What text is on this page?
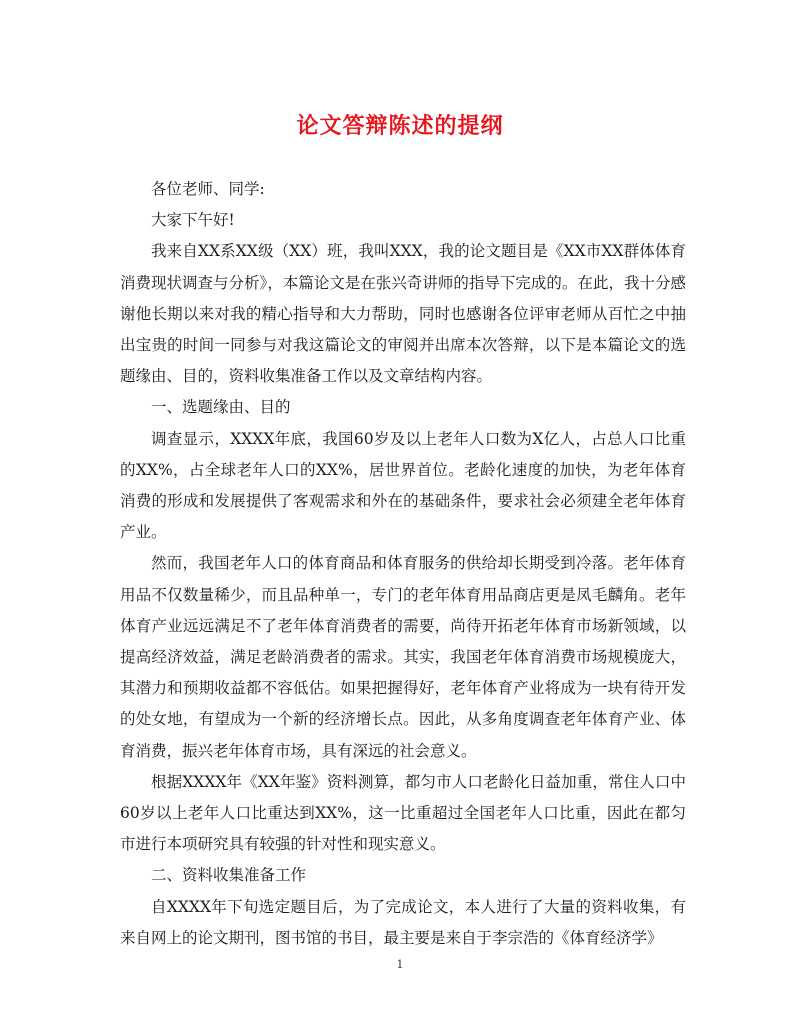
论文答辩陈述的提纲

各位老师、同学:

大家下午好!

我来自XX系XX级（XX）班，我叫XXX，我的论文题目是《XX市XX群体体育消费现状调查与分析》，本篇论文是在张兴奇讲师的指导下完成的。在此，我十分感谢他长期以来对我的精心指导和大力帮助，同时也感谢各位评审老师从百忙之中抽出宝贵的时间一同参与对我这篇论文的审阅并出席本次答辩，以下是本篇论文的选题缘由、目的，资料收集准备工作以及文章结构内容。

一、选题缘由、目的

调查显示，XXXX年底，我国60岁及以上老年人口数为X亿人，占总人口比重的XX%，占全球老年人口的XX%，居世界首位。老龄化速度的加快，为老年体育消费的形成和发展提供了客观需求和外在的基础条件，要求社会必须建全老年体育产业。

然而，我国老年人口的体育商品和体育服务的供给却长期受到冷落。老年体育用品不仅数量稀少，而且品种单一，专门的老年体育用品商店更是凤毛麟角。老年体育产业远远满足不了老年体育消费者的需要，尚待开拓老年体育市场新领域，以提高经济效益，满足老龄消费者的需求。其实，我国老年体育消费市场规模庞大，其潜力和预期收益都不容低估。如果把握得好，老年体育产业将成为一块有待开发的处女地，有望成为一个新的经济增长点。因此，从多角度调查老年体育产业、体育消费，振兴老年体育市场，具有深远的社会意义。

根据XXXX年《XX年鉴》资料测算，都匀市人口老龄化日益加重，常住人口中60岁以上老年人口比重达到XX%，这一比重超过全国老年人口比重，因此在都匀市进行本项研究具有较强的针对性和现实意义。

二、资料收集准备工作

自XXXX年下旬选定题目后，为了完成论文，本人进行了大量的资料收集，有来自网上的论文期刊，图书馆的书目，最主要是来自于李宗浩的《体育经济学》

1
